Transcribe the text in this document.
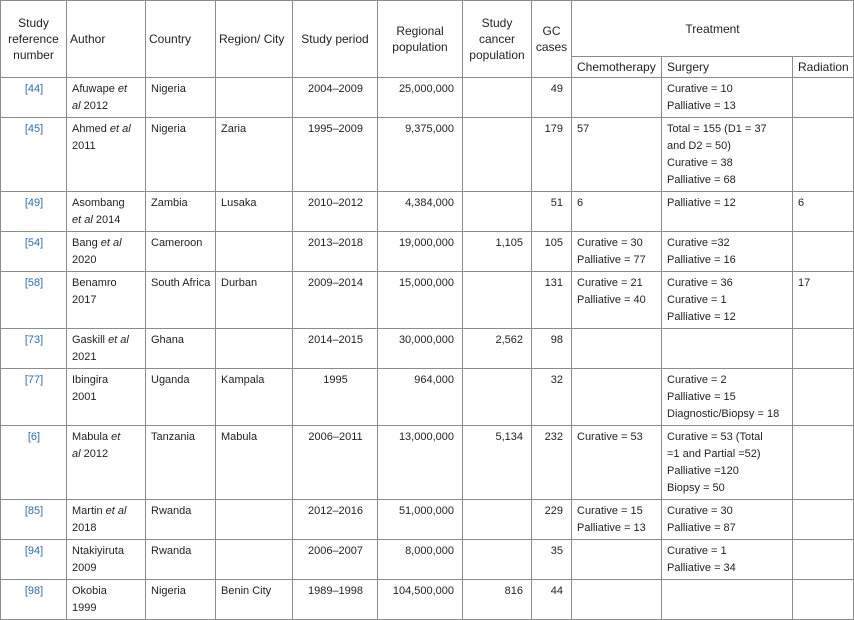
Study reference number	Author	Country	Region/ City	Study period	Regional population	Study cancer population	GC cases	Treatment		
								Chemotherapy	Surgery	Radiation
[44]	Afuwape et
al 2012	Nigeria		2004–2009	25,000,000		49		Curative = 10
Palliative = 13	

[45]	Ahmed et al
2011	Nigeria	Zaria	1995–2009	9,375,000		179	57	Total = 155 (D1 = 37
and D2 = 50)
Curative = 38
Palliative = 68	

[49]	Asombang
et al 2014	Zambia	Lusaka	2010–2012	4,384,000		51	6	Palliative = 12	6
[54]	Bang et al
2020	Cameroon		2013–2018	19,000,000	1,105	105	Curative = 30
Palliative = 77	Curative =32
Palliative = 16	

[58]	Benamro
2017	South Africa	Durban	2009–2014	15,000,000		131	Curative = 21
Palliative = 40	Curative = 36
Curative = 1
Palliative = 12	17
[73]	Gaskill et al
2021	Ghana		2014–2015	30,000,000	2,562	98			
[77]	Ibingira
2001	Uganda	Kampala	1995	964,000		32		Curative = 2
Palliative = 15
Diagnostic/Biopsy = 18	

[6]	Mabula et
al 2012	Tanzania	Mabula	2006–2011	13,000,000	5,134	232	Curative = 53	Curative = 53 (Total
=1 and Partial =52)
Palliative =120
Biopsy = 50	

[85]	Martin et al
2018	Rwanda		2012–2016	51,000,000		229	Curative = 15
Palliative = 13	Curative = 30
Palliative = 87	

[94]	Ntakiyiruta
2009	Rwanda		2006–2007	8,000,000		35		Curative = 1
Palliative = 34	

[98]	Okobia
1999	Nigeria	Benin City	1989–1998	104,500,000	816	44			
